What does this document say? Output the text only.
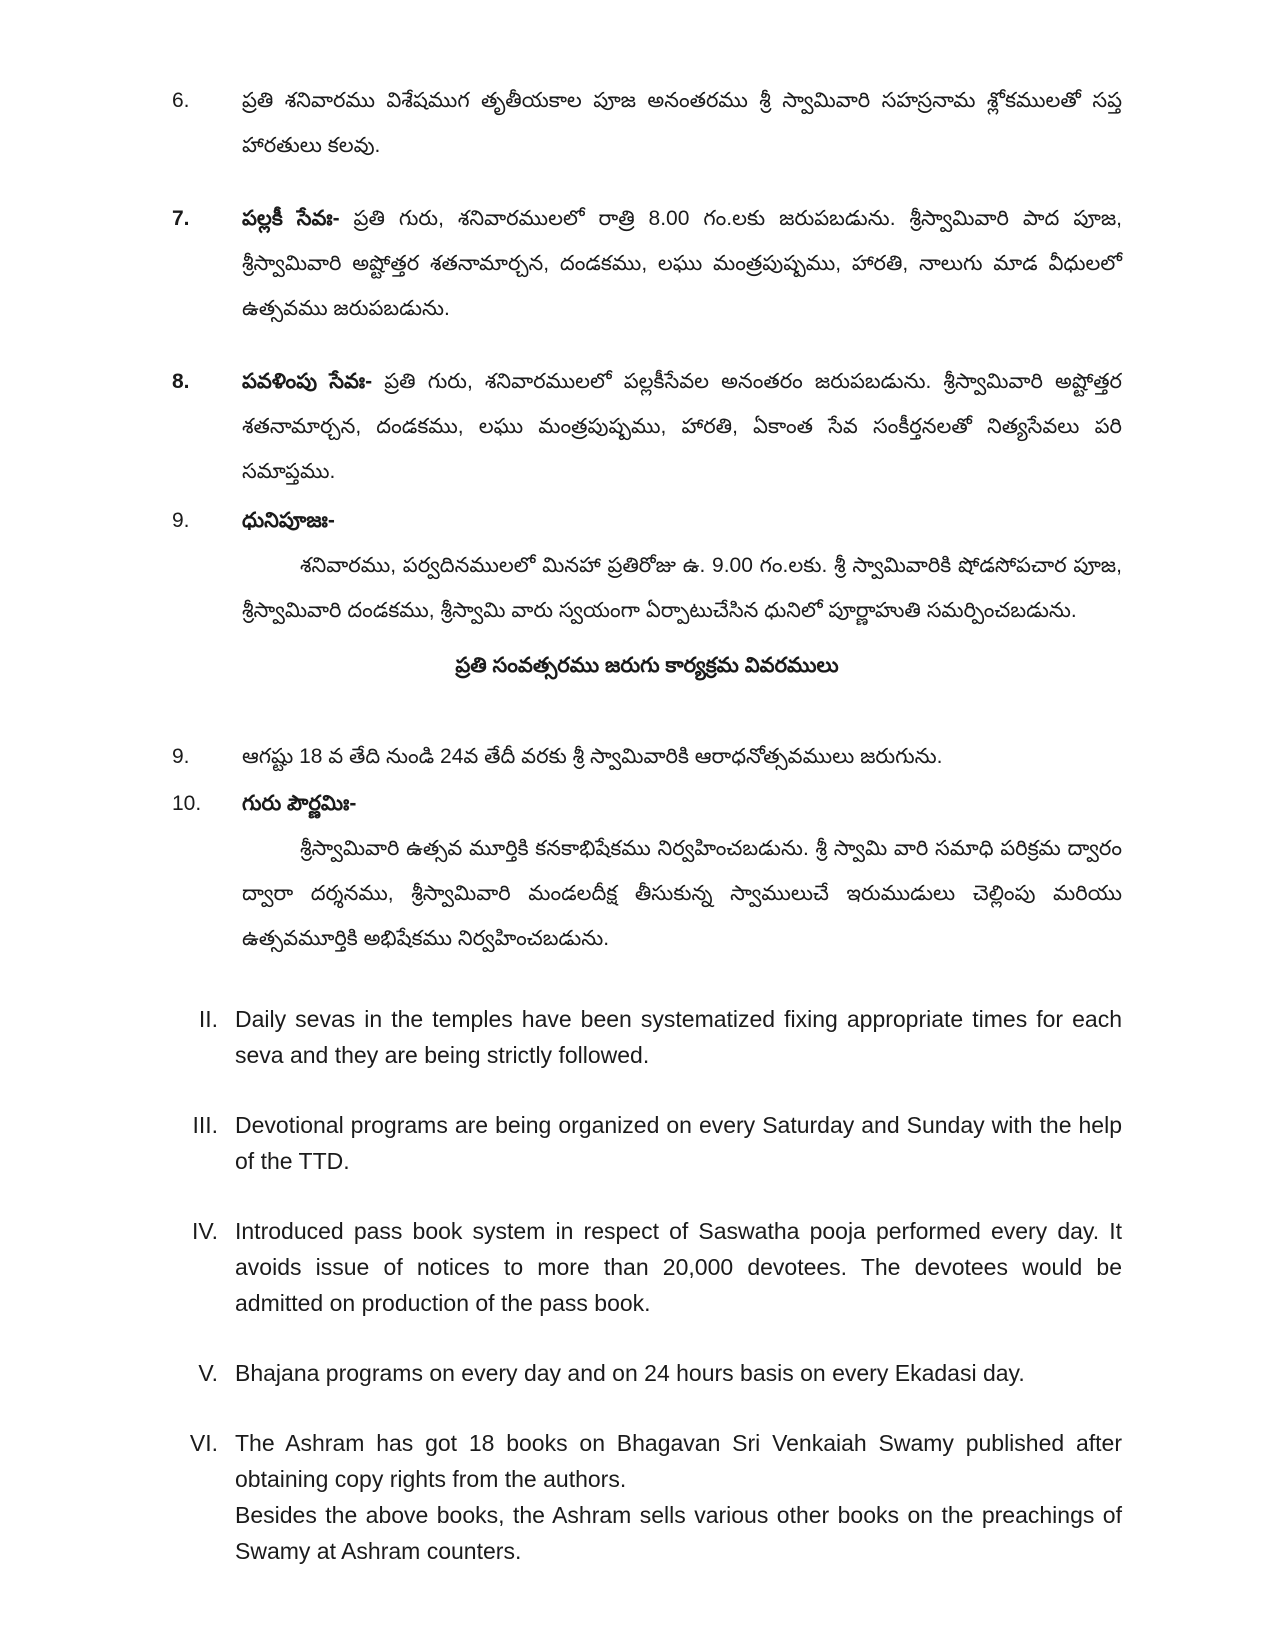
6.	ప్రతి శనివారము విశేషముగ తృతీయకాల పూజ అనంతరము శ్రీ స్వామివారి సహస్రనామ శ్లోకములతో సప్త హారతులు కలవు.
7.	పల్లకీ సేవః- ప్రతి గురు, శనివారములలో రాత్రి 8.00 గం.లకు జరుపబడును. శ్రీస్వామివారి పాద పూజ, శ్రీస్వామివారి అష్టోత్తర శతనామార్చన, దండకము, లఘు మంత్రపుష్పము, హారతి, నాలుగు మాడ వీధులలో ఉత్సవము జరుపబడును.
8.	పవళింపు సేవః- ప్రతి గురు, శనివారములలో పల్లకీసేవల అనంతరం జరుపబడును. శ్రీస్వామివారి అష్టోత్తర శతనామార్చన, దండకము, లఘు మంత్రపుష్పము, హారతి, ఏకాంత సేవ సంకీర్తనలతో నిత్యసేవలు పరి సమాప్తము.
9.	ధునిపూజః-
శనివారము, పర్వదినములలో మినహా ప్రతిరోజు ఉ. 9.00 గం.లకు. శ్రీ స్వామివారికి షోడసోపచార పూజ, శ్రీస్వామివారి దండకము, శ్రీస్వామి వారు స్వయంగా ఏర్పాటుచేసిన ధునిలో పూర్ణాహుతి సమర్పించబడును.
ప్రతి సంవత్సరము జరుగు కార్యక్రమ వివరములు
9.	ఆగష్టు 18 వ తేది నుండి 24వ తేదీ వరకు శ్రీ స్వామివారికి ఆరాధనోత్సవములు జరుగును.
10.	గురు పౌర్ణమిః-
శ్రీస్వామివారి ఉత్సవ మూర్తికి కనకాభిషేకము నిర్వహించబడును. శ్రీ స్వామి వారి సమాధి పరిక్రమ ద్వారం ద్వారా దర్శనము, శ్రీస్వామివారి మండలదీక్ష తీసుకున్న స్వాములుచే ఇరుముడులు చెల్లింపు మరియు ఉత్సవమూర్తికి అభిషేకము నిర్వహించబడును.
II. Daily sevas in the temples have been systematized fixing appropriate times for each seva and they are being strictly followed.

III. Devotional programs are being organized on every Saturday and Sunday with the help of the TTD.

IV. Introduced pass book system in respect of Saswatha pooja performed every day. It avoids issue of notices to more than 20,000 devotees. The devotees would be admitted on production of the pass book.

V. Bhajana programs on every day and on 24 hours basis on every Ekadasi day.

VI. The Ashram has got 18 books on Bhagavan Sri Venkaiah Swamy published after obtaining copy rights from the authors.

Besides the above books, the Ashram sells various other books on the preachings of Swamy at Ashram counters.
